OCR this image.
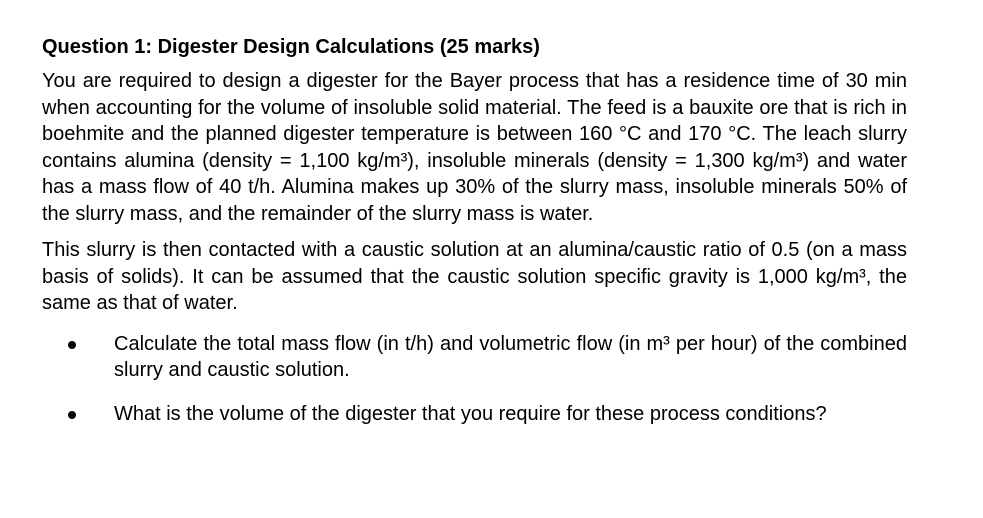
Question 1: Digester Design Calculations (25 marks)

You are required to design a digester for the Bayer process that has a residence time of 30 min when accounting for the volume of insoluble solid material. The feed is a bauxite ore that is rich in boehmite and the planned digester temperature is between 160 °C and 170 °C. The leach slurry contains alumina (density = 1,100 kg/m³), insoluble minerals (density = 1,300 kg/m³) and water has a mass flow of 40 t/h. Alumina makes up 30% of the slurry mass, insoluble minerals 50% of the slurry mass, and the remainder of the slurry mass is water.

This slurry is then contacted with a caustic solution at an alumina/caustic ratio of 0.5 (on a mass basis of solids). It can be assumed that the caustic solution specific gravity is 1,000 kg/m³, the same as that of water.

Calculate the total mass flow (in t/h) and volumetric flow (in m³ per hour) of the combined slurry and caustic solution.
What is the volume of the digester that you require for these process conditions?
